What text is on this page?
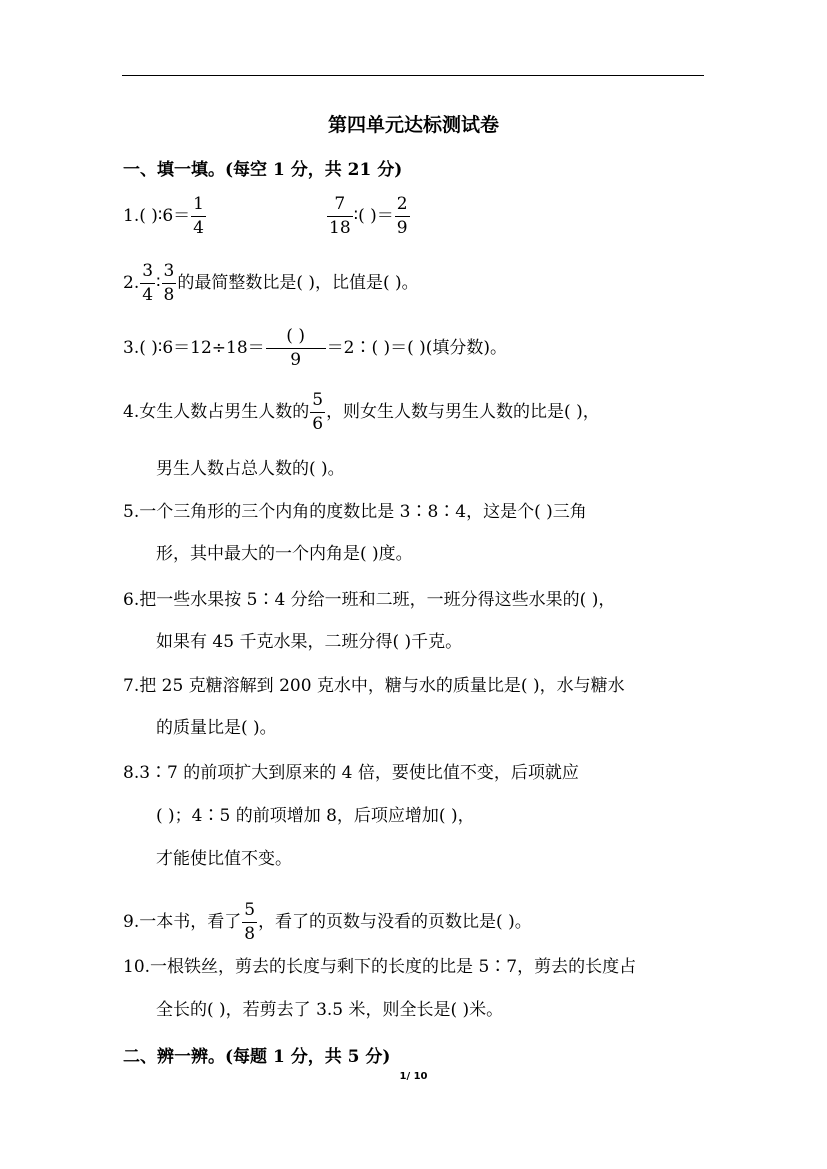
第四单元达标测试卷
一、填一填。(每空 1 分，共 21 分)
1.( )∶6＝ $\frac{1}{4}$	$\frac{7}{18}$ ∶( )＝ $\frac{2}{9}$
2. $\frac{3}{4}$ ∶ $\frac{3}{8}$ 的最简整数比是( )，比值是( )。
3.( )∶6＝12÷18＝ $\frac{( )}{9}$ ＝2∶( )＝( )(填分数)。
4.女生人数占男生人数的 $\frac{5}{6}$ ，则女生人数与男生人数的比是( )，
男生人数占总人数的( )。
5.一个三角形的三个内角的度数比是 3∶8∶4，这是个( )三角
形，其中最大的一个内角是( )度。
6.把一些水果按 5∶4 分给一班和二班，一班分得这些水果的( )，
如果有 45 千克水果，二班分得( )千克。
7.把 25 克糖溶解到 200 克水中，糖与水的质量比是( )，水与糖水
的质量比是( )。
8.3∶7 的前项扩大到原来的 4 倍，要使比值不变，后项就应
( )；4∶5 的前项增加 8，后项应增加( )，
才能使比值不变。
9.一本书，看了 $\frac{5}{8}$ ，看了的页数与没看的页数比是( )。
10.一根铁丝，剪去的长度与剩下的长度的比是 5∶7，剪去的长度占
全长的( )，若剪去了 3.5 米，则全长是( )米。
二、辨一辨。(每题 1 分，共 5 分)
1/ 10
